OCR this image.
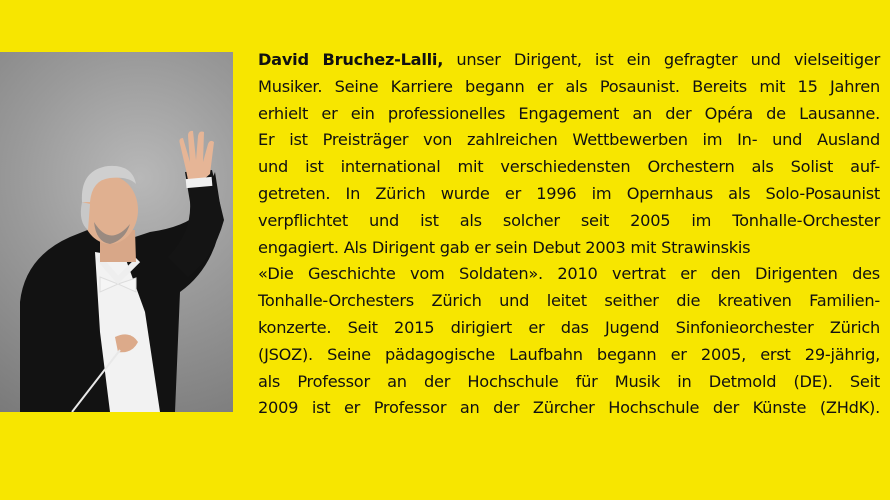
David Bruchez-Lalli, unser Dirigent, ist ein gefragter und vielseitiger
Musiker. Seine Karriere begann er als Posaunist. Bereits mit 15 Jahren
erhielt er ein professionelles Engagement an der Opéra de Lausanne.
Er ist Preisträger von zahlreichen Wettbewerben im In- und Ausland
und ist international mit verschiedensten Orchestern als Solist auf-
getreten. In Zürich wurde er 1996 im Opernhaus als Solo-Posaunist
verpflichtet und ist als solcher seit 2005 im Tonhalle-Orchester
engagiert. Als Dirigent gab er sein Debut 2003 mit Strawinskis
«Die Geschichte vom Soldaten». 2010 vertrat er den Dirigenten des
Tonhalle-Orchesters Zürich und leitet seither die kreativen Familien-
konzerte. Seit 2015 dirigiert er das Jugend Sinfonieorchester Zürich
(JSOZ). Seine pädagogische Laufbahn begann er 2005, erst 29-jährig,
als Professor an der Hochschule für Musik in Detmold (DE). Seit
2009 ist er Professor an der Zürcher Hochschule der Künste (ZHdK).
